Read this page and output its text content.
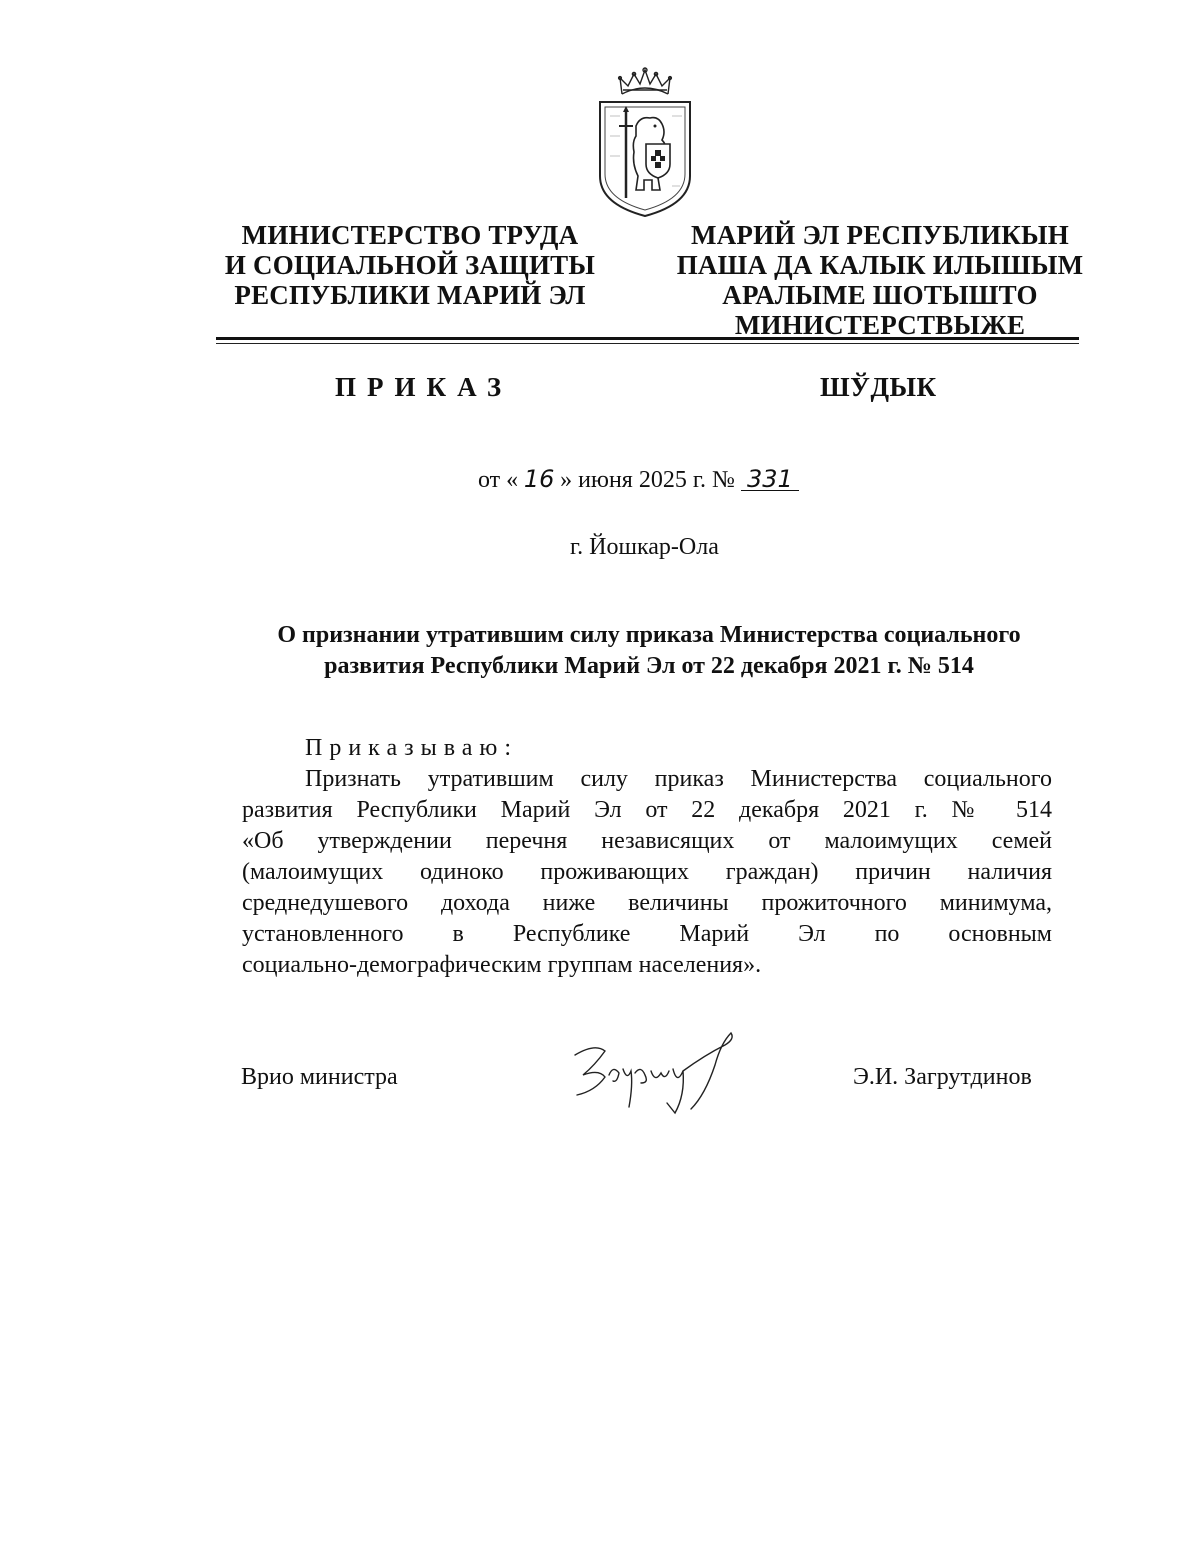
МИНИСТЕРСТВО ТРУДА
И СОЦИАЛЬНОЙ ЗАЩИТЫ
РЕСПУБЛИКИ МАРИЙ ЭЛ
МАРИЙ ЭЛ РЕСПУБЛИКЫН
ПАША ДА КАЛЫК ИЛЫШЫМ
АРАЛЫМЕ ШОТЫШТО
МИНИСТЕРСТВЫЖЕ
ПРИКАЗ	ШЎДЫК
от « 16 » июня 2025 г. № 331
г. Йошкар-Ола
О признании утратившим силу приказа Министерства социального
развития Республики Марий Эл от 22 декабря 2021 г. № 514
Приказываю:
Признать утратившим силу приказ Министерства социального
развития Республики Марий Эл от 22 декабря 2021 г. № 514
«Об утверждении перечня независящих от малоимущих семей
(малоимущих одиноко проживающих граждан) причин наличия
среднедушевого дохода ниже величины прожиточного минимума,
установленного в Республике Марий Эл по основным
социально-демографическим группам населения».
Врио министра	Э.И. Загрутдинов
